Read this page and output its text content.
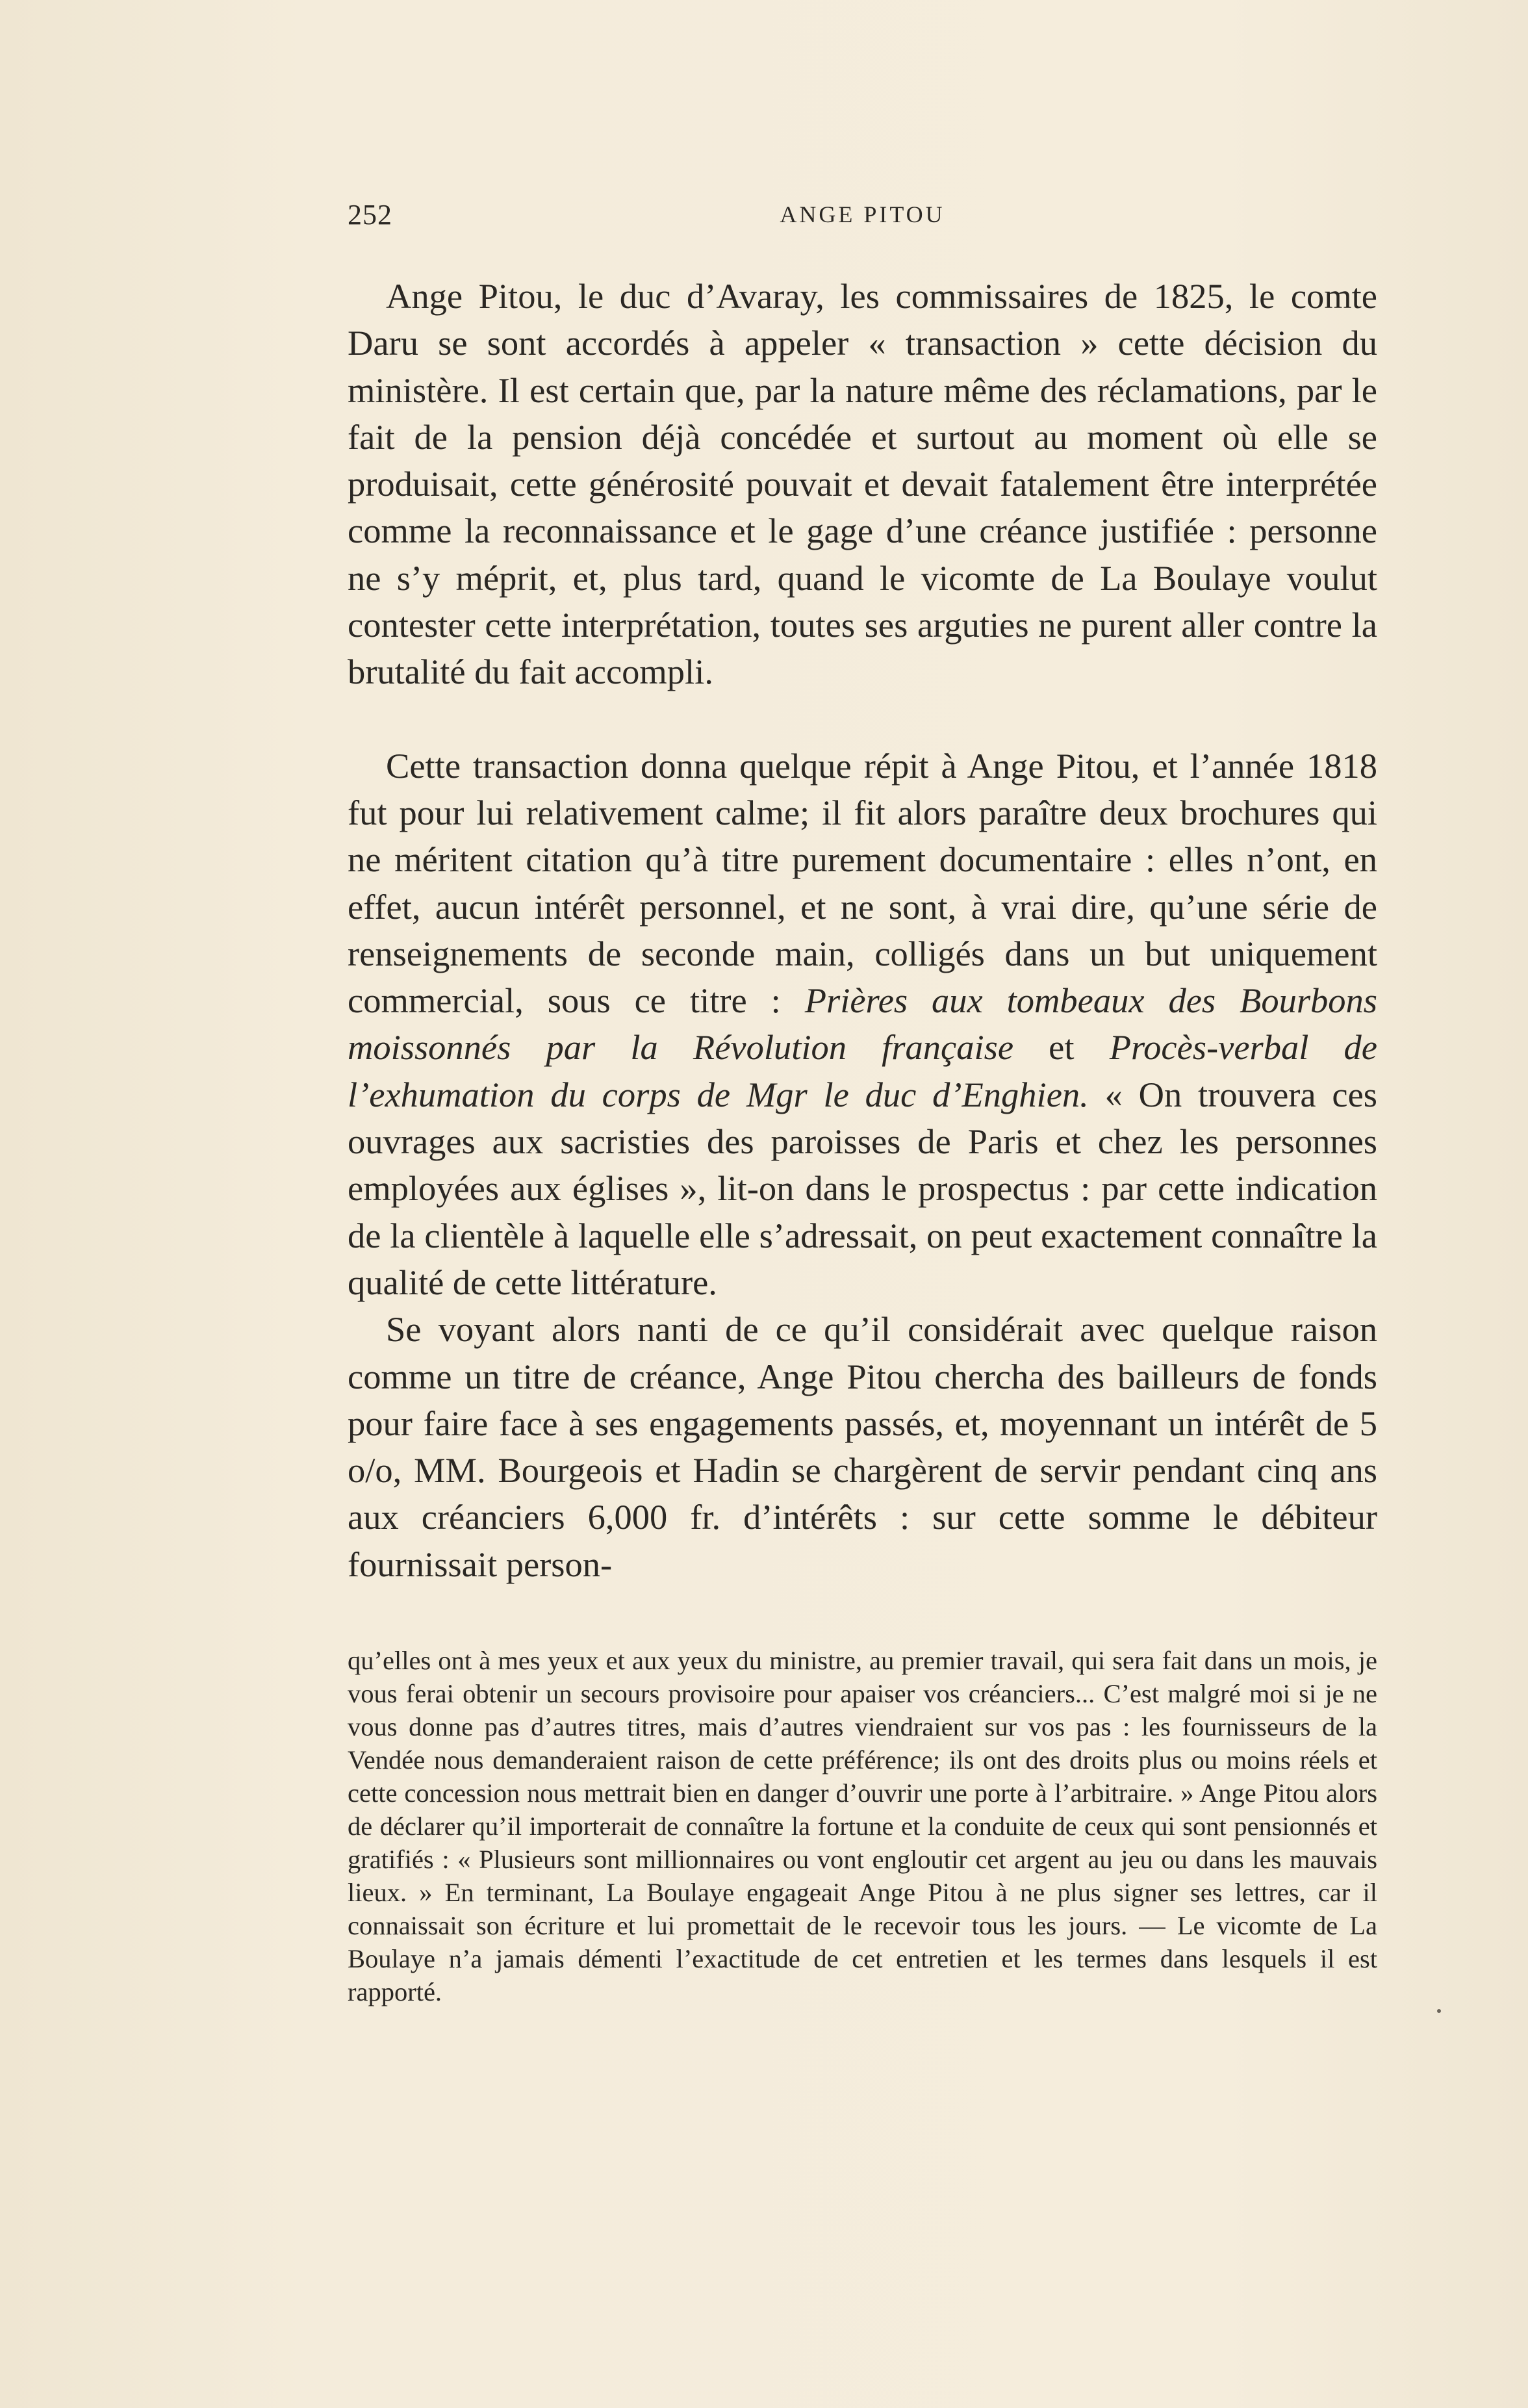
252	ANGE PITOU

Ange Pitou, le duc d’Avaray, les commissaires de 1825, le comte Daru se sont accordés à appeler « transaction » cette décision du ministère. Il est certain que, par la nature même des réclamations, par le fait de la pension déjà concédée et surtout au moment où elle se produisait, cette générosité pouvait et devait fatalement être interprétée comme la reconnaissance et le gage d’une créance justifiée : personne ne s’y méprit, et, plus tard, quand le vicomte de La Boulaye voulut contester cette interprétation, toutes ses arguties ne purent aller contre la brutalité du fait accompli.

Cette transaction donna quelque répit à Ange Pitou, et l’année 1818 fut pour lui relativement calme; il fit alors paraître deux brochures qui ne méritent citation qu’à titre purement documentaire : elles n’ont, en effet, aucun intérêt personnel, et ne sont, à vrai dire, qu’une série de renseignements de seconde main, colligés dans un but uniquement commercial, sous ce titre : Prières aux tombeaux des Bourbons moissonnés par la Révolution française et Procès-verbal de l’exhumation du corps de Mgr le duc d’Enghien. « On trouvera ces ouvrages aux sacristies des paroisses de Paris et chez les personnes employées aux églises », lit-on dans le prospectus : par cette indication de la clientèle à laquelle elle s’adressait, on peut exactement connaître la qualité de cette littérature.

Se voyant alors nanti de ce qu’il considérait avec quelque raison comme un titre de créance, Ange Pitou chercha des bailleurs de fonds pour faire face à ses engagements passés, et, moyennant un intérêt de 5 o/o, MM. Bourgeois et Hadin se chargèrent de servir pendant cinq ans aux créanciers 6,000 fr. d’intérêts : sur cette somme le débiteur fournissait person-

qu’elles ont à mes yeux et aux yeux du ministre, au premier travail, qui sera fait dans un mois, je vous ferai obtenir un secours provisoire pour apaiser vos créanciers... C’est malgré moi si je ne vous donne pas d’autres titres, mais d’autres viendraient sur vos pas : les fournisseurs de la Vendée nous demanderaient raison de cette préférence; ils ont des droits plus ou moins réels et cette concession nous mettrait bien en danger d’ouvrir une porte à l’arbitraire. » Ange Pitou alors de déclarer qu’il importerait de connaître la fortune et la conduite de ceux qui sont pensionnés et gratifiés : « Plusieurs sont millionnaires ou vont engloutir cet argent au jeu ou dans les mauvais lieux. » En terminant, La Boulaye engageait Ange Pitou à ne plus signer ses lettres, car il connaissait son écriture et lui promettait de le recevoir tous les jours. — Le vicomte de La Boulaye n’a jamais démenti l’exactitude de cet entretien et les termes dans lesquels il est rapporté.
